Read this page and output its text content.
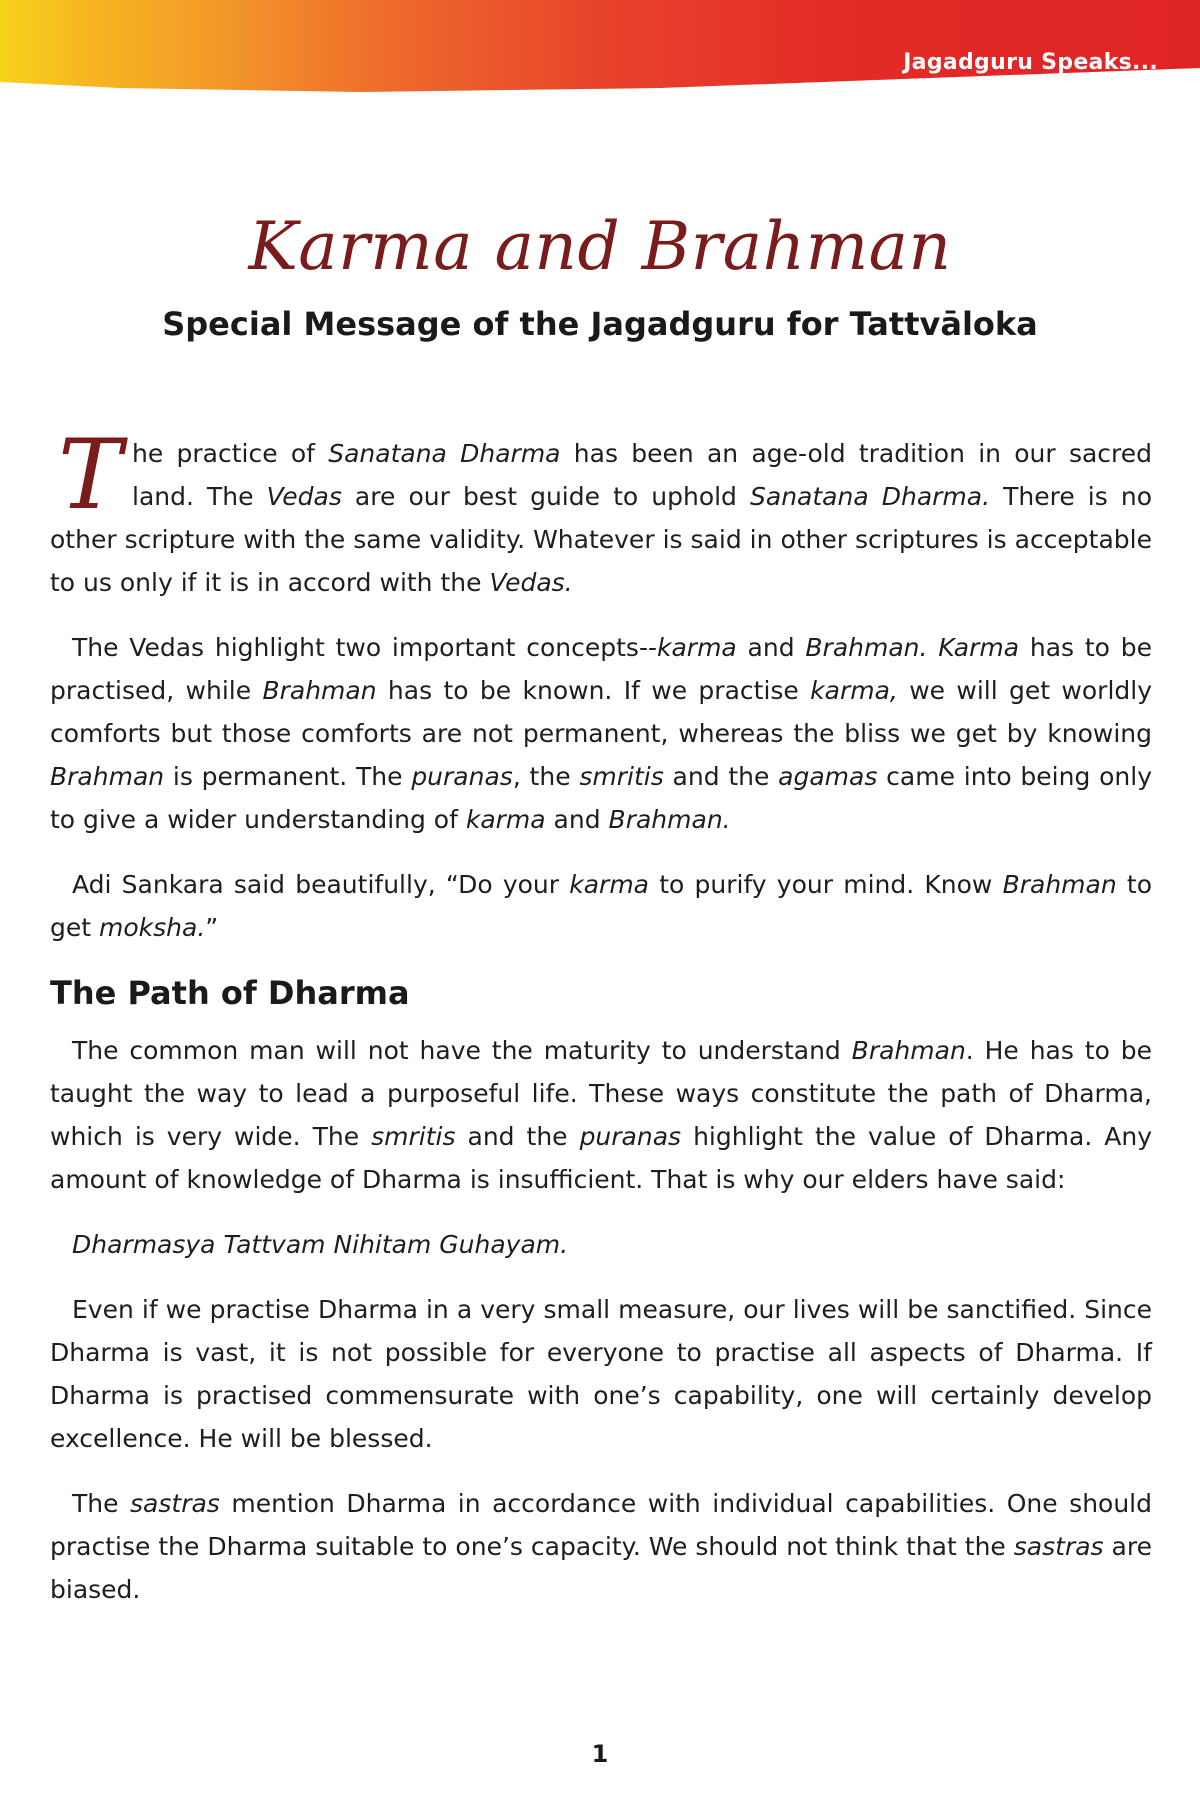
Jagadguru Speaks...

Karma and Brahman
Special Message of the Jagadguru for Tattvāloka

The practice of Sanatana Dharma has been an age-old tradition in our sacred land. The Vedas are our best guide to uphold Sanatana Dharma. There is no other scripture with the same validity. Whatever is said in other scriptures is acceptable to us only if it is in accord with the Vedas.

The Vedas highlight two important concepts--karma and Brahman. Karma has to be practised, while Brahman has to be known. If we practise karma, we will get worldly comforts but those comforts are not permanent, whereas the bliss we get by knowing Brahman is permanent. The puranas, the smritis and the agamas came into being only to give a wider understanding of karma and Brahman.

Adi Sankara said beautifully, “Do your karma to purify your mind. Know Brahman to get moksha.”

The Path of Dharma

The common man will not have the maturity to understand Brahman. He has to be taught the way to lead a purposeful life. These ways constitute the path of Dharma, which is very wide. The smritis and the puranas highlight the value of Dharma. Any amount of knowledge of Dharma is insufficient. That is why our elders have said:

Dharmasya Tattvam Nihitam Guhayam.

Even if we practise Dharma in a very small measure, our lives will be sanctified. Since Dharma is vast, it is not possible for everyone to practise all aspects of Dharma. If Dharma is practised commensurate with one’s capability, one will certainly develop excellence. He will be blessed.

The sastras mention Dharma in accordance with individual capabilities. One should practise the Dharma suitable to one’s capacity. We should not think that the sastras are biased.

1
